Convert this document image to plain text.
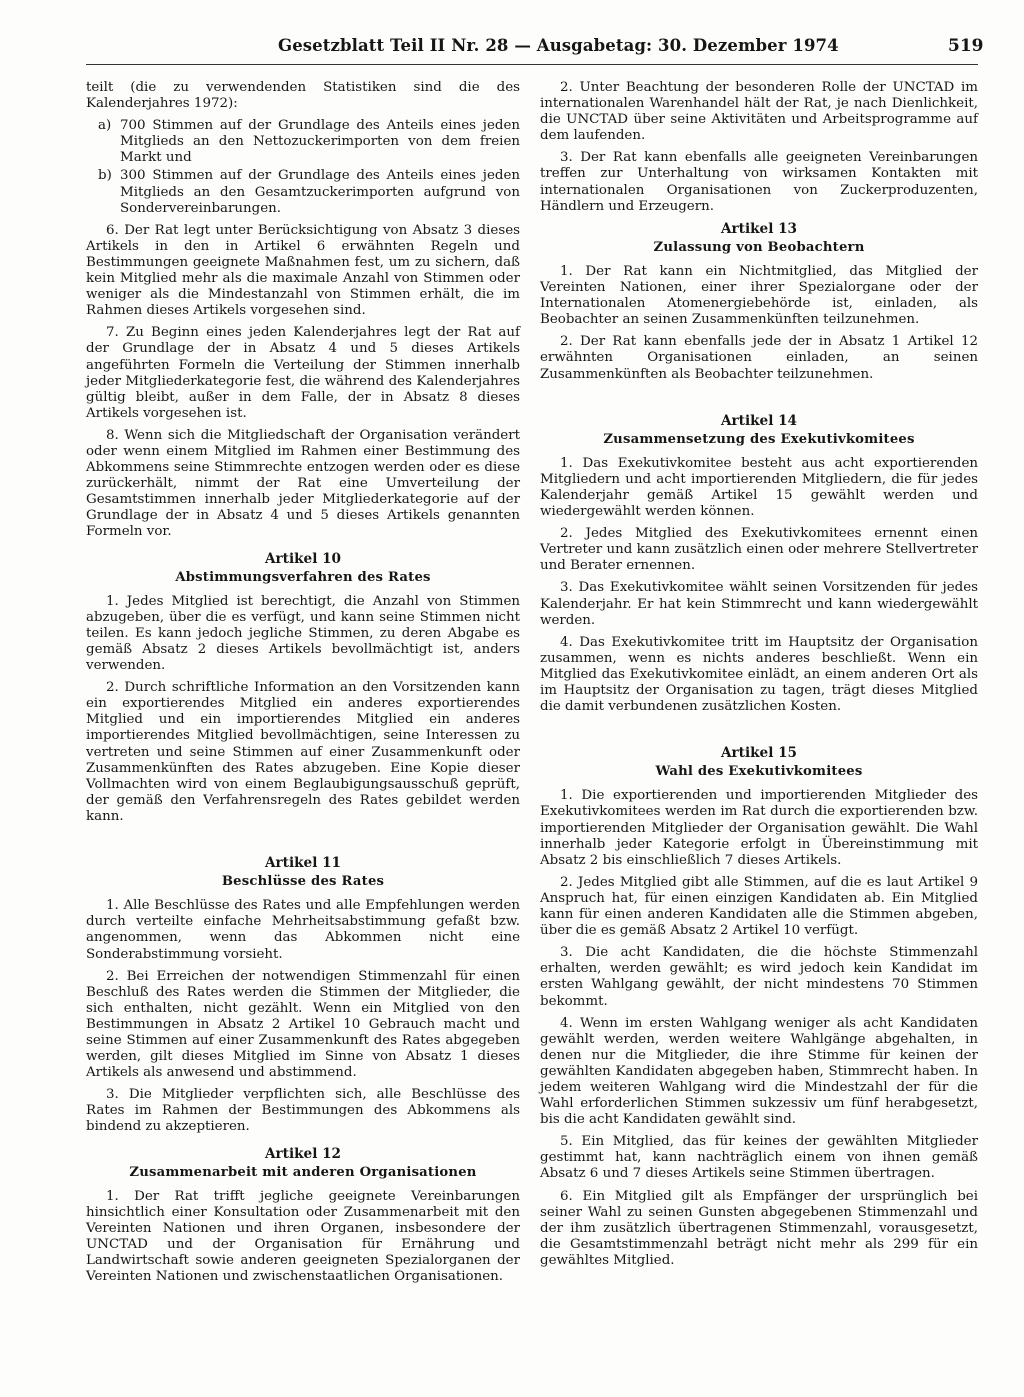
Gesetzblatt Teil II Nr. 28 — Ausgabetag: 30. Dezember 1974	519

teilt (die zu verwendenden Statistiken sind die des Kalenderjahres 1972):

a) 700 Stimmen auf der Grundlage des Anteils eines jeden Mitglieds an den Nettozuckerimporten von dem freien Markt und
b) 300 Stimmen auf der Grundlage des Anteils eines jeden Mitglieds an den Gesamtzuckerimporten aufgrund von Sondervereinbarungen.

6. Der Rat legt unter Berücksichtigung von Absatz 3 dieses Artikels in den in Artikel 6 erwähnten Regeln und Bestimmungen geeignete Maßnahmen fest, um zu sichern, daß kein Mitglied mehr als die maximale Anzahl von Stimmen oder weniger als die Mindestanzahl von Stimmen erhält, die im Rahmen dieses Artikels vorgesehen sind.

7. Zu Beginn eines jeden Kalenderjahres legt der Rat auf der Grundlage der in Absatz 4 und 5 dieses Artikels angeführten Formeln die Verteilung der Stimmen innerhalb jeder Mitgliederkategorie fest, die während des Kalenderjahres gültig bleibt, außer in dem Falle, der in Absatz 8 dieses Artikels vorgesehen ist.

8. Wenn sich die Mitgliedschaft der Organisation verändert oder wenn einem Mitglied im Rahmen einer Bestimmung des Abkommens seine Stimmrechte entzogen werden oder es diese zurückerhält, nimmt der Rat eine Umverteilung der Gesamtstimmen innerhalb jeder Mitgliederkategorie auf der Grundlage der in Absatz 4 und 5 dieses Artikels genannten Formeln vor.

Artikel 10
Abstimmungsverfahren des Rates

1. Jedes Mitglied ist berechtigt, die Anzahl von Stimmen abzugeben, über die es verfügt, und kann seine Stimmen nicht teilen. Es kann jedoch jegliche Stimmen, zu deren Abgabe es gemäß Absatz 2 dieses Artikels bevollmächtigt ist, anders verwenden.

2. Durch schriftliche Information an den Vorsitzenden kann ein exportierendes Mitglied ein anderes exportierendes Mitglied und ein importierendes Mitglied ein anderes importierendes Mitglied bevollmächtigen, seine Interessen zu vertreten und seine Stimmen auf einer Zusammenkunft oder Zusammenkünften des Rates abzugeben. Eine Kopie dieser Vollmachten wird von einem Beglaubigungsausschuß geprüft, der gemäß den Verfahrensregeln des Rates gebildet werden kann.

Artikel 11
Beschlüsse des Rates

1. Alle Beschlüsse des Rates und alle Empfehlungen werden durch verteilte einfache Mehrheitsabstimmung gefaßt bzw. angenommen, wenn das Abkommen nicht eine Sonderabstimmung vorsieht.

2. Bei Erreichen der notwendigen Stimmenzahl für einen Beschluß des Rates werden die Stimmen der Mitglieder, die sich enthalten, nicht gezählt. Wenn ein Mitglied von den Bestimmungen in Absatz 2 Artikel 10 Gebrauch macht und seine Stimmen auf einer Zusammenkunft des Rates abgegeben werden, gilt dieses Mitglied im Sinne von Absatz 1 dieses Artikels als anwesend und abstimmend.

3. Die Mitglieder verpflichten sich, alle Beschlüsse des Rates im Rahmen der Bestimmungen des Abkommens als bindend zu akzeptieren.

Artikel 12
Zusammenarbeit mit anderen Organisationen

1. Der Rat trifft jegliche geeignete Vereinbarungen hinsichtlich einer Konsultation oder Zusammenarbeit mit den Vereinten Nationen und ihren Organen, insbesondere der UNCTAD und der Organisation für Ernährung und Landwirtschaft sowie anderen geeigneten Spezialorganen der Vereinten Nationen und zwischenstaatlichen Organisationen.

2. Unter Beachtung der besonderen Rolle der UNCTAD im internationalen Warenhandel hält der Rat, je nach Dienlichkeit, die UNCTAD über seine Aktivitäten und Arbeitsprogramme auf dem laufenden.

3. Der Rat kann ebenfalls alle geeigneten Vereinbarungen treffen zur Unterhaltung von wirksamen Kontakten mit internationalen Organisationen von Zuckerproduzenten, Händlern und Erzeugern.

Artikel 13
Zulassung von Beobachtern

1. Der Rat kann ein Nichtmitglied, das Mitglied der Vereinten Nationen, einer ihrer Spezialorgane oder der Internationalen Atomenergiebehörde ist, einladen, als Beobachter an seinen Zusammenkünften teilzunehmen.

2. Der Rat kann ebenfalls jede der in Absatz 1 Artikel 12 erwähnten Organisationen einladen, an seinen Zusammenkünften als Beobachter teilzunehmen.

Artikel 14
Zusammensetzung des Exekutivkomitees

1. Das Exekutivkomitee besteht aus acht exportierenden Mitgliedern und acht importierenden Mitgliedern, die für jedes Kalenderjahr gemäß Artikel 15 gewählt werden und wiedergewählt werden können.

2. Jedes Mitglied des Exekutivkomitees ernennt einen Vertreter und kann zusätzlich einen oder mehrere Stellvertreter und Berater ernennen.

3. Das Exekutivkomitee wählt seinen Vorsitzenden für jedes Kalenderjahr. Er hat kein Stimmrecht und kann wiedergewählt werden.

4. Das Exekutivkomitee tritt im Hauptsitz der Organisation zusammen, wenn es nichts anderes beschließt. Wenn ein Mitglied das Exekutivkomitee einlädt, an einem anderen Ort als im Hauptsitz der Organisation zu tagen, trägt dieses Mitglied die damit verbundenen zusätzlichen Kosten.

Artikel 15
Wahl des Exekutivkomitees

1. Die exportierenden und importierenden Mitglieder des Exekutivkomitees werden im Rat durch die exportierenden bzw. importierenden Mitglieder der Organisation gewählt. Die Wahl innerhalb jeder Kategorie erfolgt in Übereinstimmung mit Absatz 2 bis einschließlich 7 dieses Artikels.

2. Jedes Mitglied gibt alle Stimmen, auf die es laut Artikel 9 Anspruch hat, für einen einzigen Kandidaten ab. Ein Mitglied kann für einen anderen Kandidaten alle die Stimmen abgeben, über die es gemäß Absatz 2 Artikel 10 verfügt.

3. Die acht Kandidaten, die die höchste Stimmenzahl erhalten, werden gewählt; es wird jedoch kein Kandidat im ersten Wahlgang gewählt, der nicht mindestens 70 Stimmen bekommt.

4. Wenn im ersten Wahlgang weniger als acht Kandidaten gewählt werden, werden weitere Wahlgänge abgehalten, in denen nur die Mitglieder, die ihre Stimme für keinen der gewählten Kandidaten abgegeben haben, Stimmrecht haben. In jedem weiteren Wahlgang wird die Mindestzahl der für die Wahl erforderlichen Stimmen sukzessiv um fünf herabgesetzt, bis die acht Kandidaten gewählt sind.

5. Ein Mitglied, das für keines der gewählten Mitglieder gestimmt hat, kann nachträglich einem von ihnen gemäß Absatz 6 und 7 dieses Artikels seine Stimmen übertragen.

6. Ein Mitglied gilt als Empfänger der ursprünglich bei seiner Wahl zu seinen Gunsten abgegebenen Stimmenzahl und der ihm zusätzlich übertragenen Stimmenzahl, vorausgesetzt, die Gesamtstimmenzahl beträgt nicht mehr als 299 für ein gewähltes Mitglied.
